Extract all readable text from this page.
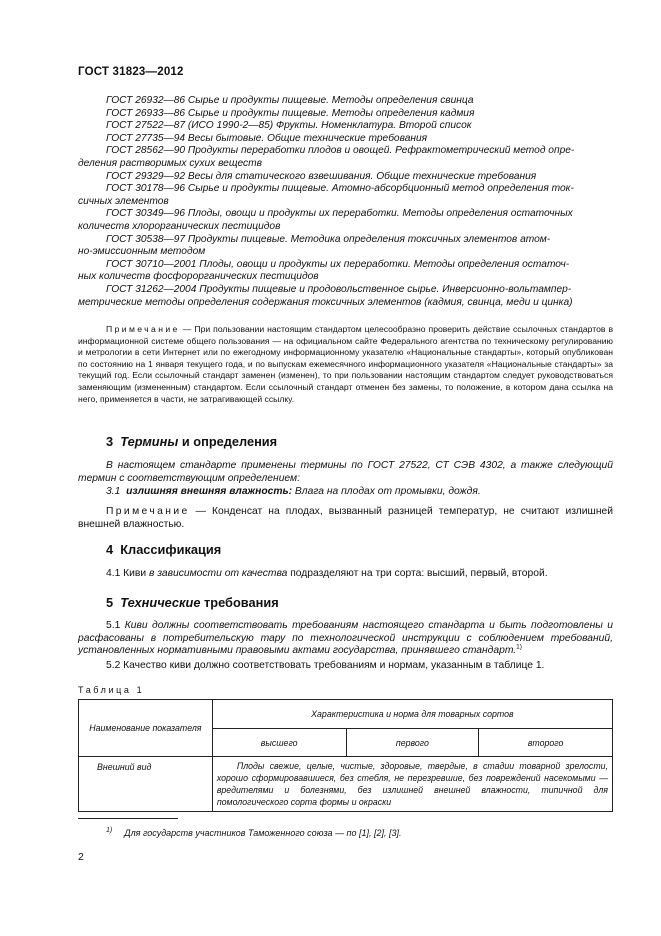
ГОСТ 31823—2012
ГОСТ 26932—86 Сырье и продукты пищевые. Методы определения свинца
ГОСТ 26933—86 Сырье и продукты пищевые. Методы определения кадмия
ГОСТ 27522—87 (ИСО 1990-2—85) Фрукты. Номенклатура. Второй список
ГОСТ 27735—94 Весы бытовые. Общие технические требования
ГОСТ 28562—90 Продукты переработки плодов и овощей. Рефрактометрический метод опре-
деления растворимых сухих веществ
ГОСТ 29329—92 Весы для статического взвешивания. Общие технические требования
ГОСТ 30178—96 Сырье и продукты пищевые. Атомно-абсорбционный метод определения ток-
сичных элементов
ГОСТ 30349—96 Плоды, овощи и продукты их переработки. Методы определения остаточных
количеств хлорорганических пестицидов
ГОСТ 30538—97 Продукты пищевые. Методика определения токсичных элементов атом-
но-эмиссионным методом
ГОСТ 30710—2001 Плоды, овощи и продукты их переработки. Методы определения остаточ-
ных количеств фосфорорганических пестицидов
ГОСТ 31262—2004 Продукты пищевые и продовольственное сырье. Инверсионно-вольтампер-
метрические методы определения содержания токсичных элементов (кадмия, свинца, меди и цинка)
Примечание — При пользовании настоящим стандартом целесообразно проверить действие ссылочных стандартов в информационной системе общего пользования — на официальном сайте Федерального агентства по техническому регулированию и метрологии в сети Интернет или по ежегодному информационному указателю «Национальные стандарты», который опубликован по состоянию на 1 января текущего года, и по выпускам ежемесячного информационного указателя «Национальные стандарты» за текущий год. Если ссылочный стандарт заменен (изменен), то при пользовании настоящим стандартом следует руководствоваться заменяющим (измененным) стандартом. Если ссылочный стандарт отменен без замены, то положение, в котором дана ссылка на него, применяется в части, не затрагивающей ссылку.
3 Термины и определения
В настоящем стандарте применены термины по ГОСТ 27522, СТ СЭВ 4302, а также следующий термин с соответствующим определением:
3.1 излишняя внешняя влажность: Влага на плодах от промывки, дождя.
Примечание — Конденсат на плодах, вызванный разницей температур, не считают излишней внешней влажностью.
4 Классификация
4.1 Киви в зависимости от качества подразделяют на три сорта: высший, первый, второй.
5 Технические требования
5.1 Киви должны соответствовать требованиям настоящего стандарта и быть подготовлены и расфасованы в потребительскую тару по технологической инструкции с соблюдением требований, установленных нормативными правовыми актами государства, принявшего стандарт.$^{1)}$
5.2 Качество киви должно соответствовать требованиям и нормам, указанным в таблице 1.
Таблица 1
Наименование показателя	Характеристика и норма для товарных сортов		
	высшего	первого	второго
Внешний вид	Плоды свежие, целые, чистые, здоровые, твердые, в стадии товарной зрелости, хорошо сформировавшиеся, без стебля, не перезревшие, без повреждений насекомыми — вредителями и болезнями, без излишней внешней влажности, типичной для помологического сорта формы и окраски		
$^{1)}$ Для государств участников Таможенного союза — по [1], [2], [3].
2
